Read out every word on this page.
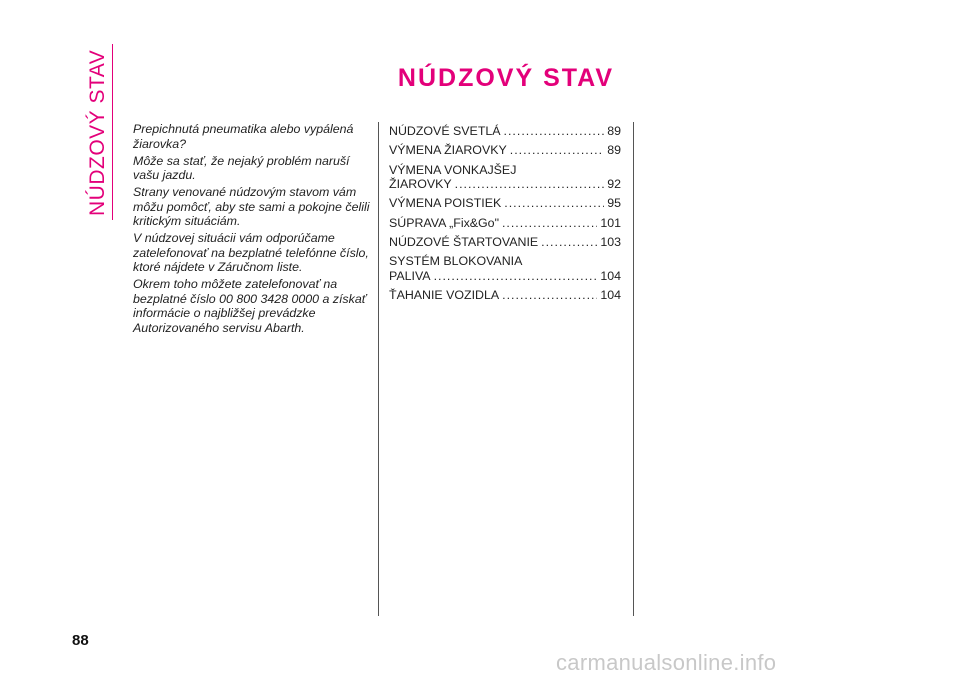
NÚDZOVÝ STAV	NÚDZOVÝ STAV

Prepichnutá pneumatika alebo vypálená žiarovka?

Môže sa stať, že nejaký problém naruší vašu jazdu.

Strany venované núdzovým stavom vám môžu pomôcť, aby ste sami a pokojne čelili kritickým situáciám.

V núdzovej situácii vám odporúčame zatelefonovať na bezplatné telefónne číslo, ktoré nájdete v Záručnom liste.

Okrem toho môžete zatelefonovať na bezplatné číslo 00 800 3428 0000 a získať informácie o najbližšej prevádzke Autorizovaného servisu Abarth.

NÚDZOVÉ SVETLÁ .....	89
VÝMENA ŽIAROVKY .....	89
VÝMENA VONKAJŠEJ
ŽIAROVKY .....	92
VÝMENA POISTIEK .....	95
SÚPRAVA „Fix&Go" .....	101
NÚDZOVÉ ŠTARTOVANIE .....	103
SYSTÉM BLOKOVANIA
PALIVA .....	104
ŤAHANIE VOZIDLA .....	104
88
carmanualsonline.info
